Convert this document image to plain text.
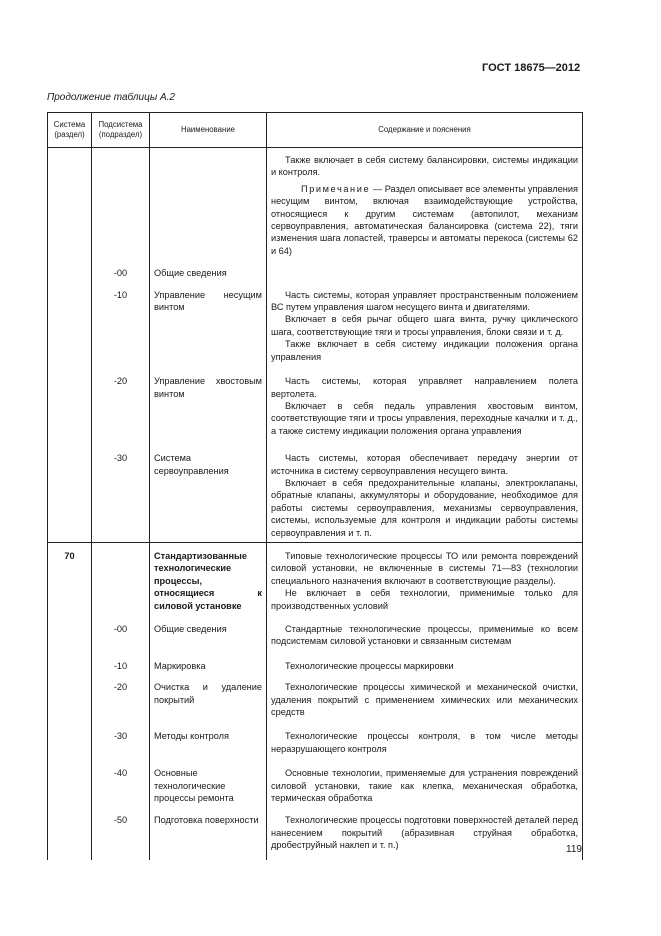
ГОСТ 18675—2012
Продолжение таблицы А.2
Система (раздел)	Подсистема (подраздел)	Наименование	Содержание и пояснения

			Также включает в себя систему балансировки, системы индикации и контроля.

Примечание — Раздел описывает все элементы управления несущим винтом, включая взаимодействующие устройства, относящиеся к другим системам (автопилот, механизм сервоуправления, автоматическая балансировка (система 22), тяги изменения шага лопастей, траверсы и автоматы перекоса (системы 62 и 64)

	-00	Общие сведения	
	-10	Управление несущим винтом	Часть системы, которая управляет пространственным положением ВС путем управления шагом несущего винта и двигателями.

Включает в себя рычаг общего шага винта, ручку циклического шага, соответствующие тяги и тросы управления, блоки связи и т. д.

Также включает в себя систему индикации положения органа управления

	-20	Управление хвостовым винтом	Часть системы, которая управляет направлением полета вертолета.

Включает в себя педаль управления хвостовым винтом, соответствующие тяги и тросы управления, переходные качалки и т. д., а также систему индикации положения органа управления

	-30	Система сервоуправления	Часть системы, которая обеспечивает передачу энергии от источника в систему сервоуправления несущего винта.

Включает в себя предохранительные клапаны, электроклапаны, обратные клапаны, аккумуляторы и оборудование, необходимое для работы системы сервоуправления, механизмы сервоуправления, системы, используемые для контроля и индикации работы системы сервоуправления и т. п.

70		Стандартизованные технологические процессы, относящиеся к силовой установке	Типовые технологические процессы ТО или ремонта повреждений силовой установки, не включенные в системы 71—83 (технологии специального назначения включают в соответствующие разделы).

Не включает в себя технологии, применимые только для производственных условий

	-00	Общие сведения	Стандартные технологические процессы, применимые ко всем подсистемам силовой установки и связанным системам

	-10	Маркировка	Технологические процессы маркировки

	-20	Очистка и удаление покрытий	Технологические процессы химической и механической очистки, удаления покрытий с применением химических или механических средств

	-30	Методы контроля	Технологические процессы контроля, в том числе методы неразрушающего контроля

	-40	Основные технологические процессы ремонта	Основные технологии, применяемые для устранения повреждений силовой установки, такие как клепка, механическая обработка, термическая обработка

	-50	Подготовка поверхности	Технологические процессы подготовки поверхностей деталей перед нанесением покрытий (абразивная струйная обработка, дробеструйный наклеп и т. п.)	119
